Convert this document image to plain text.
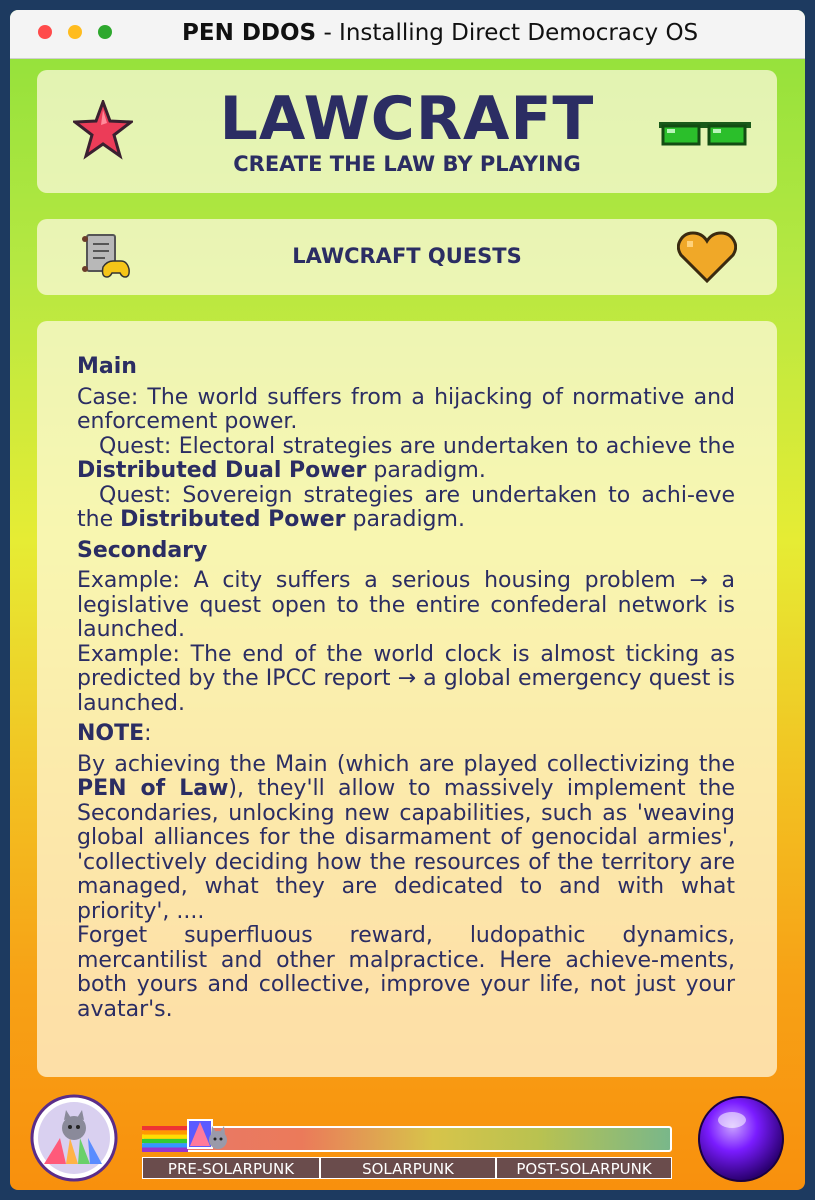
PEN DDOS - Installing Direct Democracy OS
LAWCRAFT
CREATE THE LAW BY PLAYING
LAWCRAFT QUESTS
Main

Case: The world suffers from a hijacking of normative and enforcement power.

Quest: Electoral strategies are undertaken to achieve the Distributed Dual Power paradigm.

Quest: Sovereign strategies are undertaken to achi-eve the Distributed Power paradigm.

Secondary

Example: A city suffers a serious housing problem → a legislative quest open to the entire confederal network is launched.

Example: The end of the world clock is almost ticking as predicted by the IPCC report → a global emergency quest is launched.

NOTE:

By achieving the Main (which are played collectivizing the PEN of Law), they'll allow to massively implement the Secondaries, unlocking new capabilities, such as 'weaving global alliances for the disarmament of genocidal armies', 'collectively deciding how the resources of the territory are managed, what they are dedicated to and with what priority', ....

Forget superfluous reward, ludopathic dynamics, mercantilist and other malpractice. Here achieve-ments, both yours and collective, improve your life, not just your avatar's.

PRE-SOLARPUNK	SOLARPUNK	POST-SOLARPUNK
